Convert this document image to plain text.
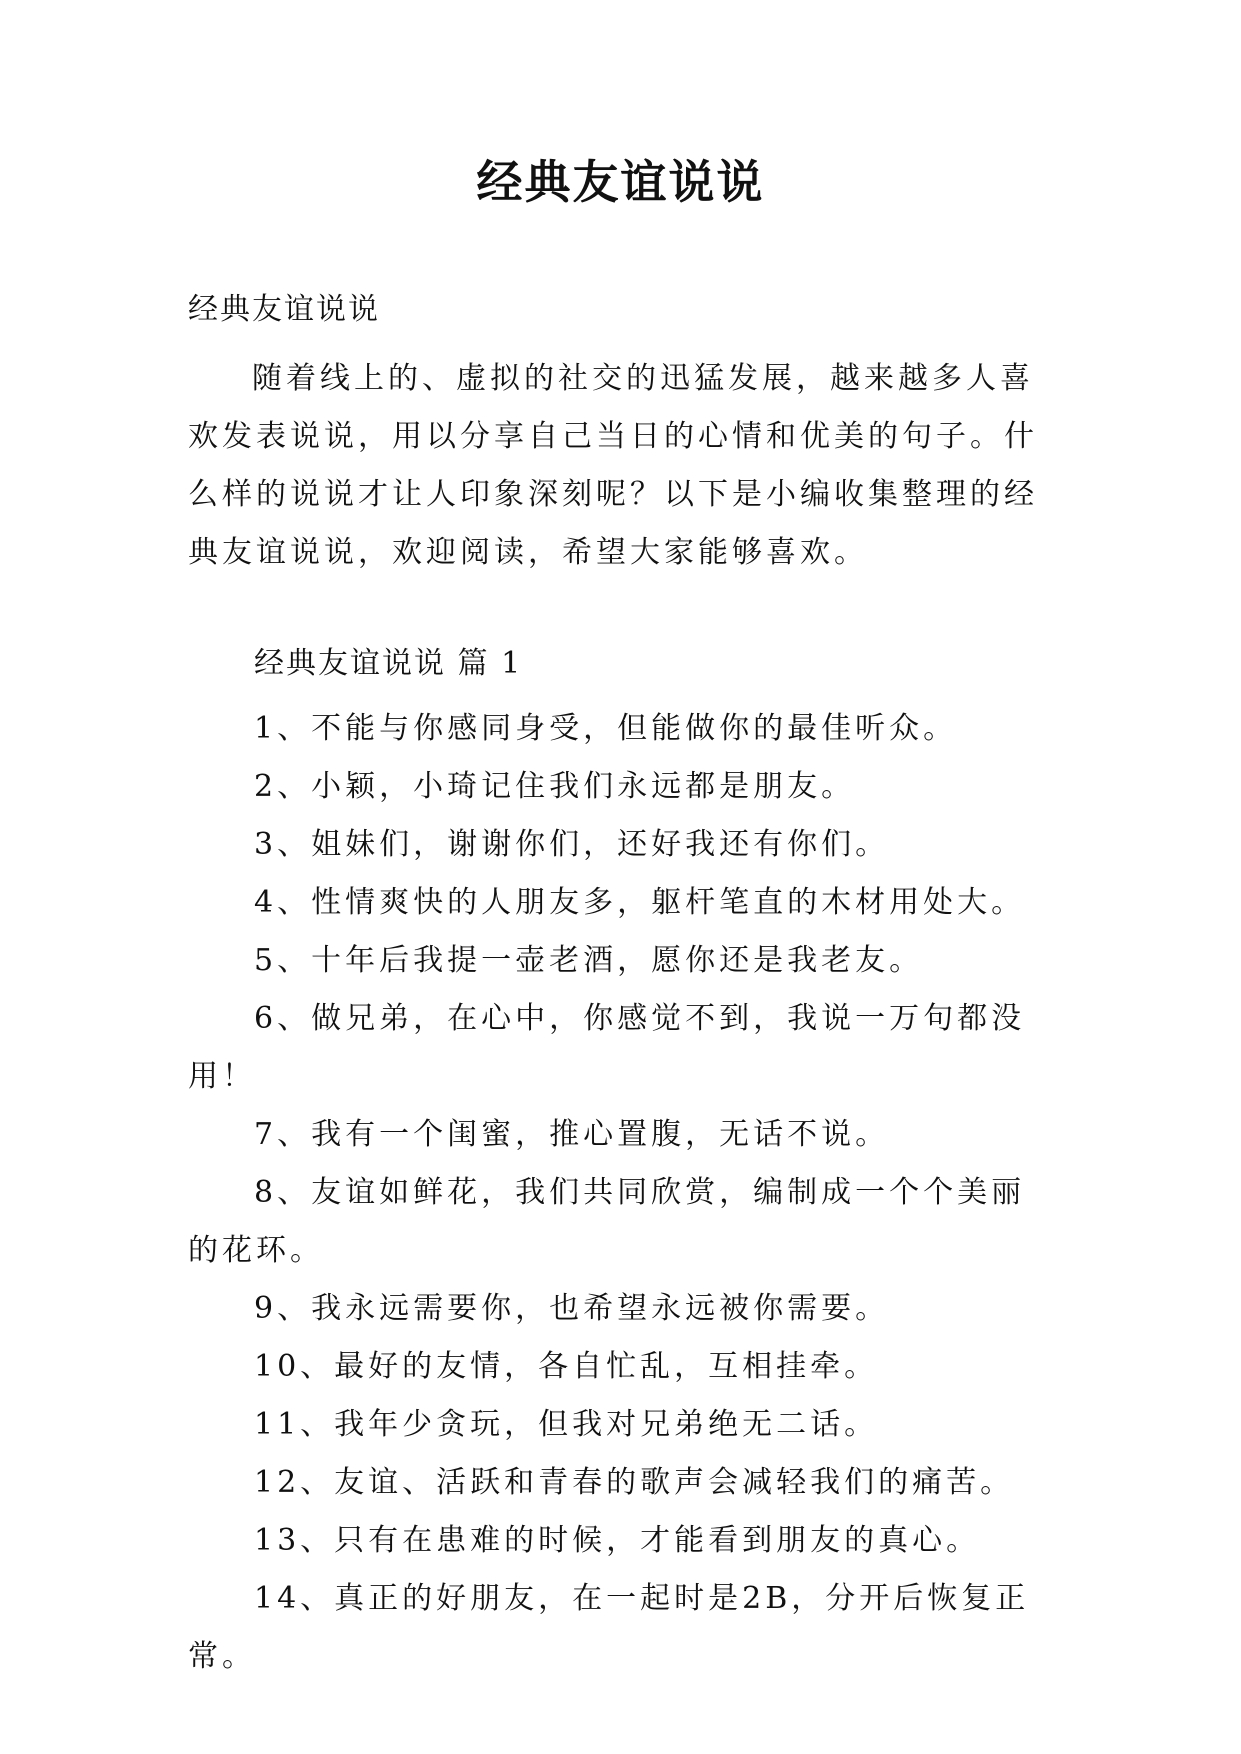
经典友谊说说
经典友谊说说

随着线上的、虚拟的社交的迅猛发展，越来越多人喜欢发表说说，用以分享自己当日的心情和优美的句子。什么样的说说才让人印象深刻呢？以下是小编收集整理的经典友谊说说，欢迎阅读，希望大家能够喜欢。

经典友谊说说 篇 1
1、不能与你感同身受，但能做你的最佳听众。
2、小颖，小琦记住我们永远都是朋友。
3、姐妹们，谢谢你们，还好我还有你们。
4、性情爽快的人朋友多，躯杆笔直的木材用处大。
5、十年后我提一壶老酒，愿你还是我老友。
6、做兄弟，在心中，你感觉不到，我说一万句都没用！
7、我有一个闺蜜，推心置腹，无话不说。
8、友谊如鲜花，我们共同欣赏，编制成一个个美丽的花环。
9、我永远需要你，也希望永远被你需要。
10、最好的友情，各自忙乱，互相挂牵。
11、我年少贪玩，但我对兄弟绝无二话。
12、友谊、活跃和青春的歌声会减轻我们的痛苦。
13、只有在患难的时候，才能看到朋友的真心。
14、真正的好朋友，在一起时是2B，分开后恢复正常。
